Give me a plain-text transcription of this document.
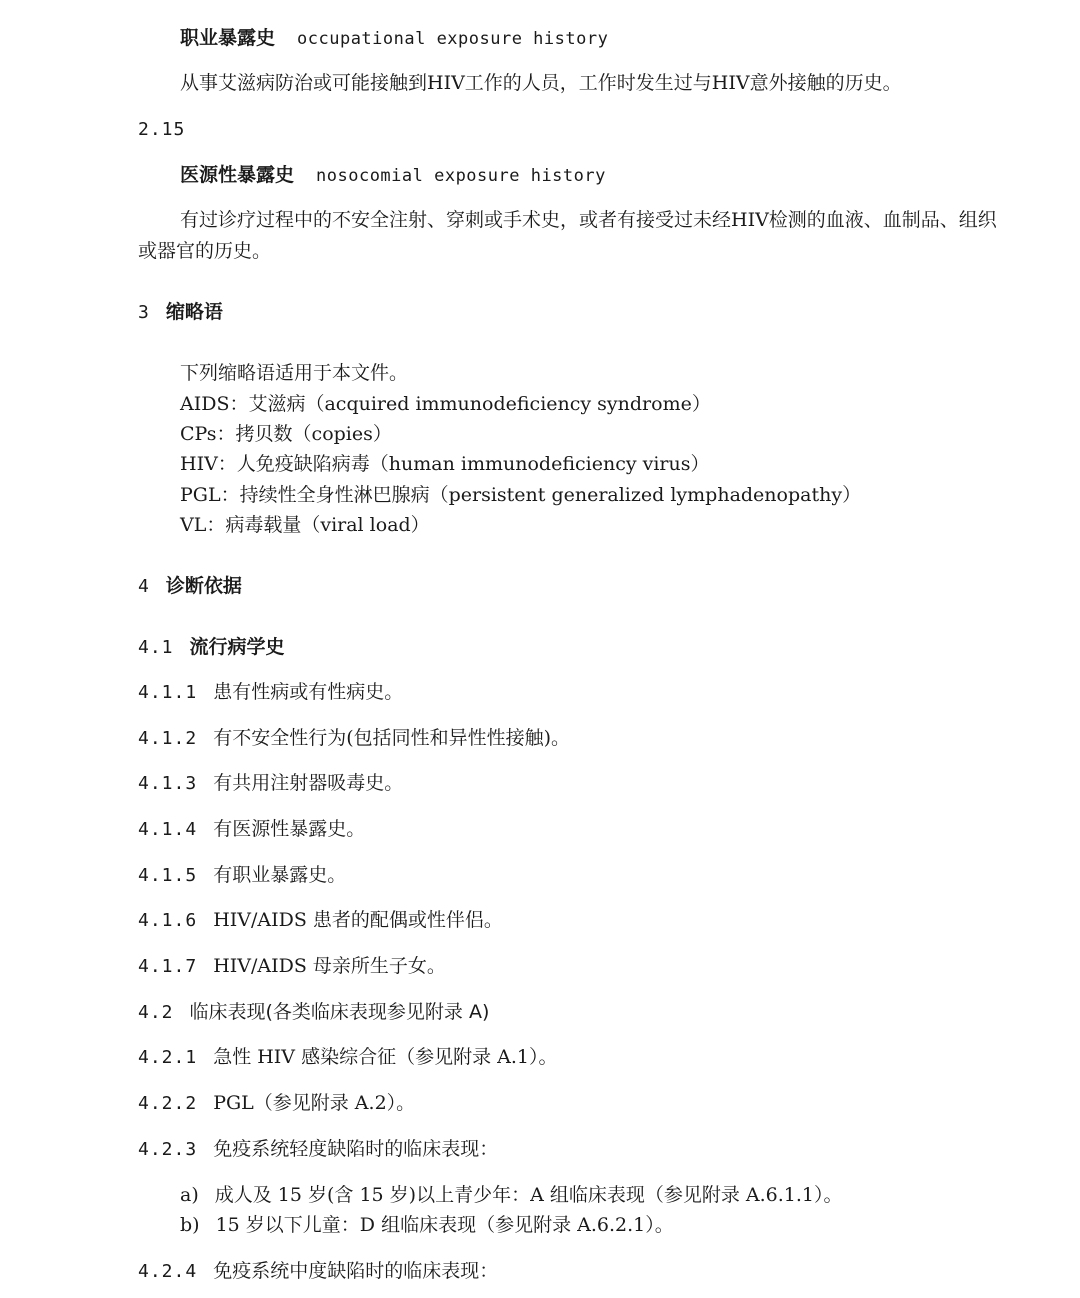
职业暴露史 occupational exposure history
从事艾滋病防治或可能接触到HIV工作的人员，工作时发生过与HIV意外接触的历史。
2.15
医源性暴露史 nosocomial exposure history
有过诊疗过程中的不安全注射、穿刺或手术史，或者有接受过未经HIV检测的血液、血制品、组织
或器官的历史。
3 缩略语
下列缩略语适用于本文件。
AIDS：艾滋病（acquired immunodeficiency syndrome）
CPs：拷贝数（copies）
HIV：人免疫缺陷病毒（human immunodeficiency virus）
PGL：持续性全身性淋巴腺病（persistent generalized lymphadenopathy）
VL：病毒载量（viral load）
4 诊断依据
4.1 流行病学史
4.1.1 患有性病或有性病史。
4.1.2 有不安全性行为(包括同性和异性性接触)。
4.1.3 有共用注射器吸毒史。
4.1.4 有医源性暴露史。
4.1.5 有职业暴露史。
4.1.6 HIV/AIDS 患者的配偶或性伴侣。
4.1.7 HIV/AIDS 母亲所生子女。
4.2 临床表现(各类临床表现参见附录 A)
4.2.1 急性 HIV 感染综合征（参见附录 A.1）。
4.2.2 PGL（参见附录 A.2）。
4.2.3 免疫系统轻度缺陷时的临床表现：
a) 成人及 15 岁(含 15 岁)以上青少年：A 组临床表现（参见附录 A.6.1.1）。
b) 15 岁以下儿童：D 组临床表现（参见附录 A.6.2.1）。
4.2.4 免疫系统中度缺陷时的临床表现：
